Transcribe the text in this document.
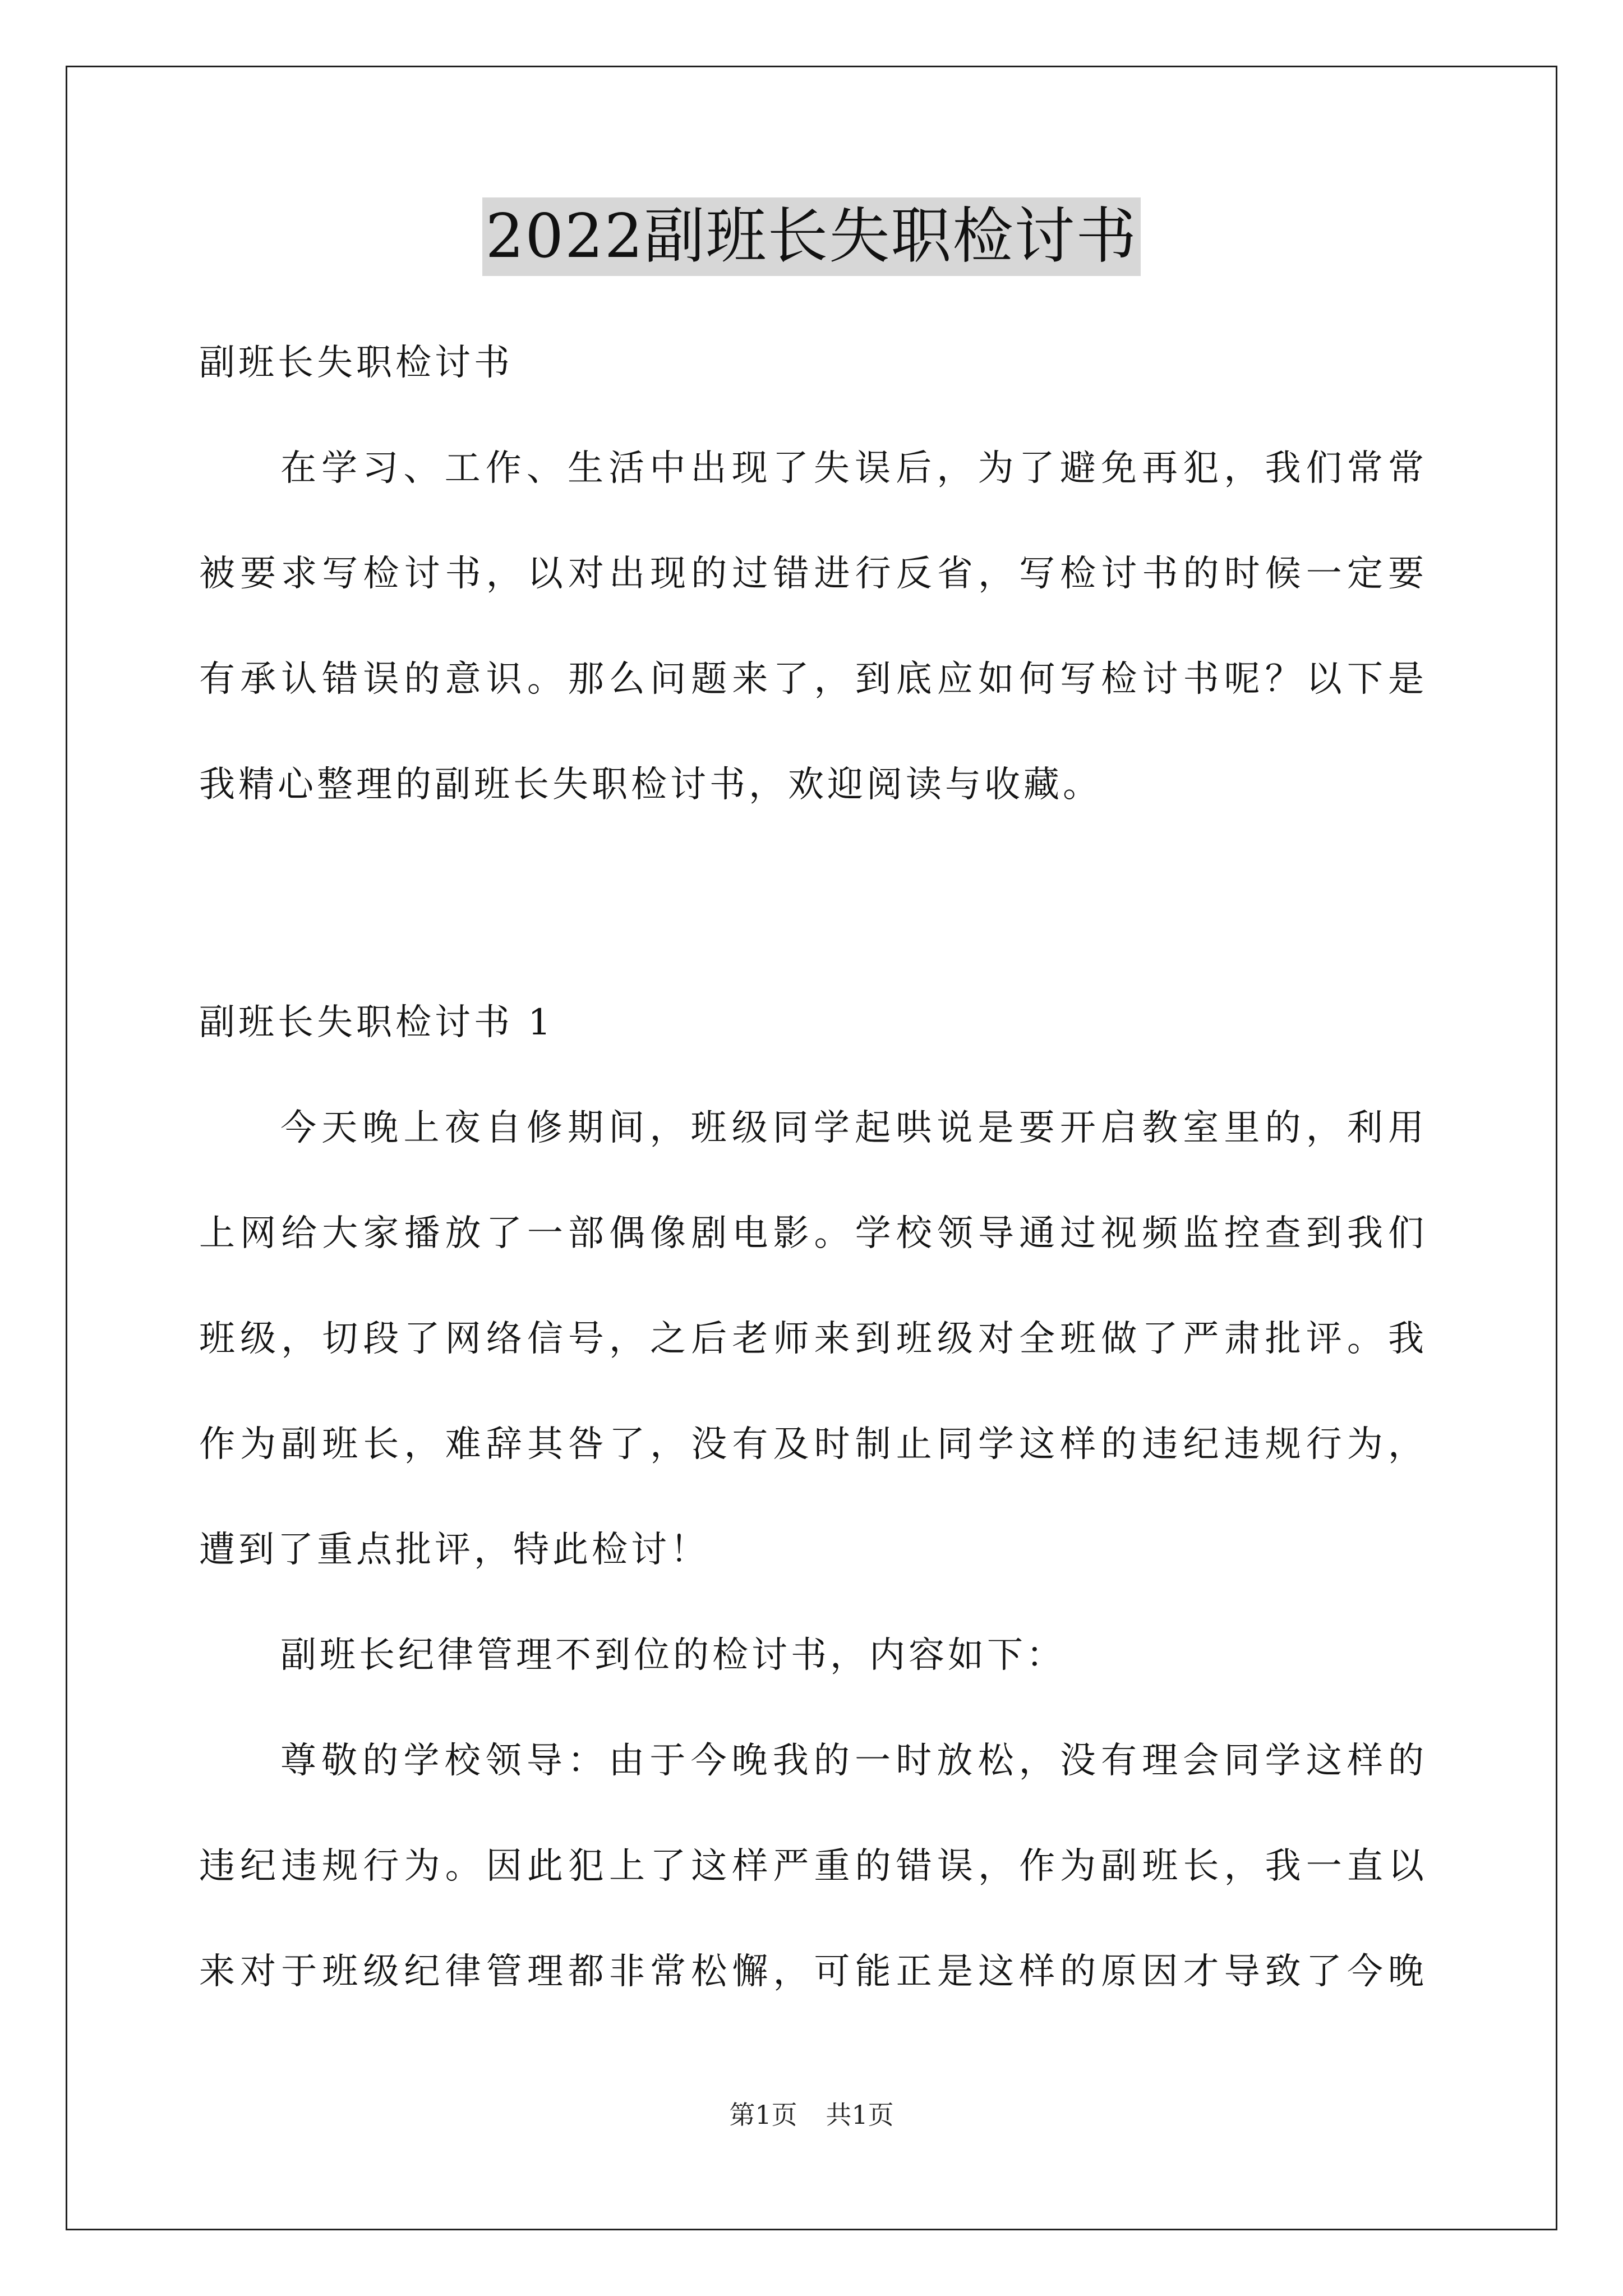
2022副班长失职检讨书
副班长失职检讨书
在学习、工作、生活中出现了失误后，为了避免再犯，我们常常
被要求写检讨书，以对出现的过错进行反省，写检讨书的时候一定要
有承认错误的意识。那么问题来了，到底应如何写检讨书呢？以下是
我精心整理的副班长失职检讨书，欢迎阅读与收藏。
副班长失职检讨书 1
今天晚上夜自修期间，班级同学起哄说是要开启教室里的，利用
上网给大家播放了一部偶像剧电影。学校领导通过视频监控查到我们
班级，切段了网络信号，之后老师来到班级对全班做了严肃批评。我
作为副班长，难辞其咎了，没有及时制止同学这样的违纪违规行为，
遭到了重点批评，特此检讨！
副班长纪律管理不到位的检讨书，内容如下：
尊敬的学校领导：由于今晚我的一时放松，没有理会同学这样的
违纪违规行为。因此犯上了这样严重的错误，作为副班长，我一直以
来对于班级纪律管理都非常松懈，可能正是这样的原因才导致了今晚
第1页 共1页
